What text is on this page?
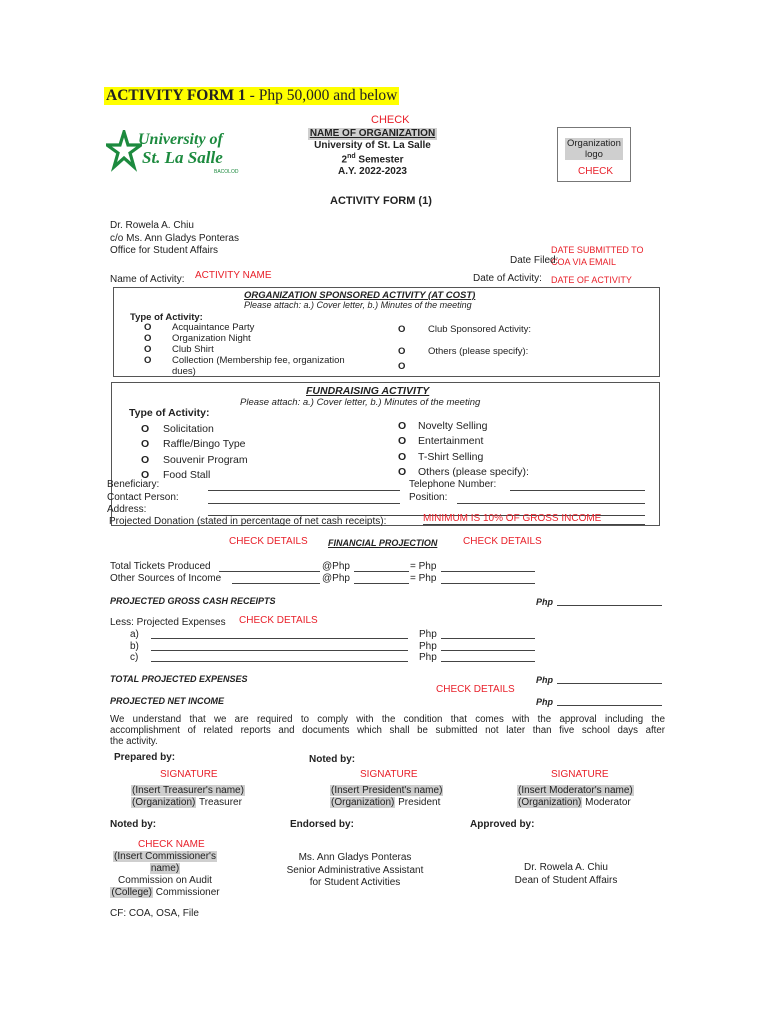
ACTIVITY FORM 1 - Php 50,000 and below
CHECK
University of
St. La Salle
BACOLOD
NAME OF ORGANIZATION
University of St. La Salle
2nd Semester
A.Y. 2022-2023
Organization
logo
CHECK
ACTIVITY FORM (1)
Dr. Rowela A. Chiu
c/o Ms. Ann Gladys Ponteras
Office for Student Affairs	DATE SUBMITTED TO
COA VIA EMAIL
Date Filed:
Name of Activity: ACTIVITY NAME	Date of Activity: DATE OF ACTIVITY
ORGANIZATION SPONSORED ACTIVITY (AT COST)
Please attach: a.) Cover letter, b.) Minutes of the meeting
Type of Activity:
O Acquaintance Party
O Organization Night
O Club Shirt
O Collection (Membership fee, organization
dues)
O Club Sponsored Activity:
O Others (please specify):
O
FUNDRAISING ACTIVITY
Please attach: a.) Cover letter, b.) Minutes of the meeting
Type of Activity:
O Solicitation
O Raffle/Bingo Type
O Souvenir Program
O Food Stall
O Novelty Selling
O Entertainment
O T-Shirt Selling
O Others (please specify):
Beneficiary:	Telephone Number:
Contact Person:	Position:
Address:
Projected Donation (stated in percentage of net cash receipts):	MINIMUM IS 10% OF GROSS INCOME
CHECK DETAILS FINANCIAL PROJECTION	CHECK DETAILS
Total Tickets Produced	@Php	= Php
Other Sources of Income	@Php	= Php
PROJECTED GROSS CASH RECEIPTS	Php
Less: Projected Expenses CHECK DETAILS
a)	Php
b)	Php
c)	Php
TOTAL PROJECTED EXPENSES	Php
CHECK DETAILS
PROJECTED NET INCOME	Php
We understand that we are required to comply with the condition that comes with the approval including the
accomplishment of related reports and documents which shall be submitted not later than five school days after
the activity.
Prepared by:	Noted by:
SIGNATURE	SIGNATURE	SIGNATURE
(Insert Treasurer's name)
(Organization) Treasurer
(Insert President's name)
(Organization) President
(Insert Moderator's name)
(Organization) Moderator
Noted by:	Endorsed by:	Approved by:
CHECK NAME
(Insert Commissioner's
name)
Commission on Audit
(College) Commissioner
Ms. Ann Gladys Ponteras
Senior Administrative Assistant
for Student Activities
Dr. Rowela A. Chiu
Dean of Student Affairs
CF: COA, OSA, File
